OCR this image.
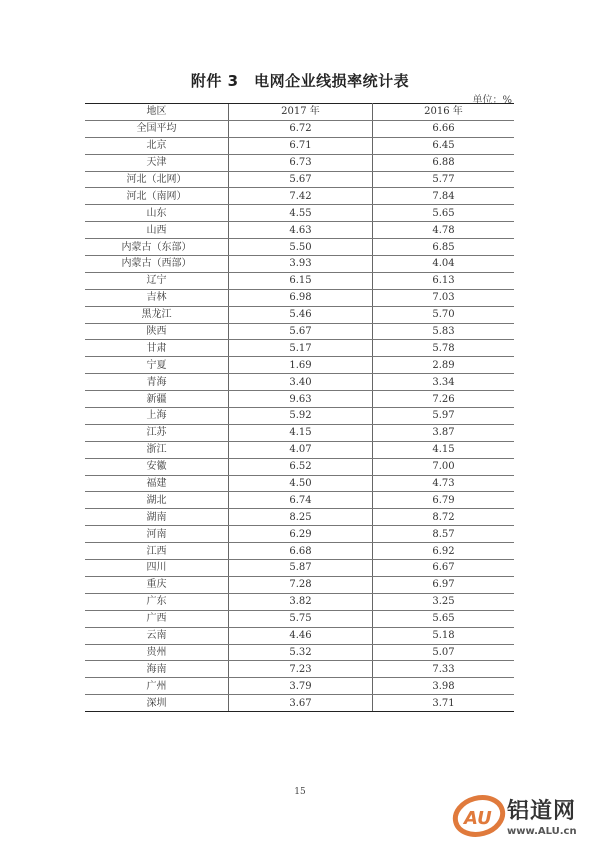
附件 3　电网企业线损率统计表
单位：%
地区	2017 年	2016 年
全国平均	6.72	6.66
北京	6.71	6.45
天津	6.73	6.88
河北（北网）	5.67	5.77
河北（南网）	7.42	7.84
山东	4.55	5.65
山西	4.63	4.78
内蒙古（东部）	5.50	6.85
内蒙古（西部）	3.93	4.04
辽宁	6.15	6.13
吉林	6.98	7.03
黑龙江	5.46	5.70
陕西	5.67	5.83
甘肃	5.17	5.78
宁夏	1.69	2.89
青海	3.40	3.34
新疆	9.63	7.26
上海	5.92	5.97
江苏	4.15	3.87
浙江	4.07	4.15
安徽	6.52	7.00
福建	4.50	4.73
湖北	6.74	6.79
湖南	8.25	8.72
河南	6.29	8.57
江西	6.68	6.92
四川	5.87	6.67
重庆	7.28	6.97
广东	3.82	3.25
广西	5.75	5.65
云南	4.46	5.18
贵州	5.32	5.07
海南	7.23	7.33
广州	3.79	3.98
深圳	3.67	3.71
15
AU 铝道网
www.ALU.cn
